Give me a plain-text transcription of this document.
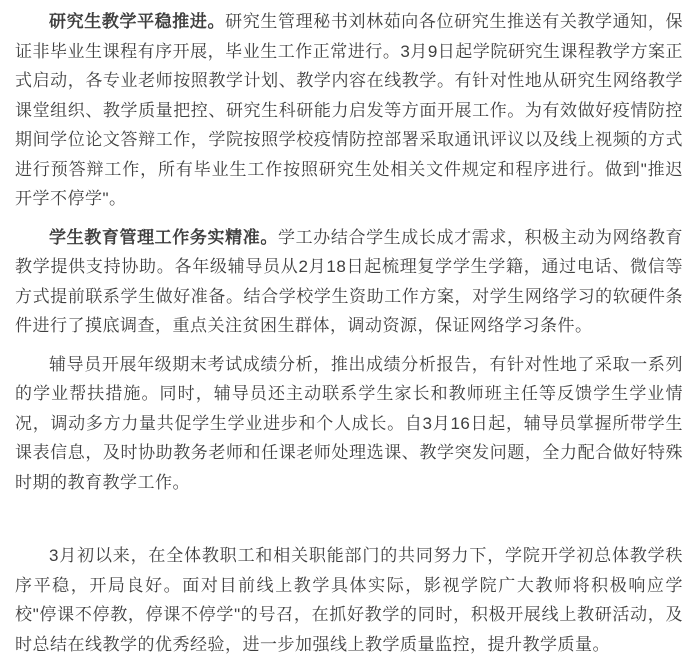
研究生教学平稳推进。研究生管理秘书刘林茹向各位研究生推送有关教学通知，保证非毕业生课程有序开展，毕业生工作正常进行。3月9日起学院研究生课程教学方案正式启动，各专业老师按照教学计划、教学内容在线教学。有针对性地从研究生网络教学课堂组织、教学质量把控、研究生科研能力启发等方面开展工作。为有效做好疫情防控期间学位论文答辩工作，学院按照学校疫情防控部署采取通讯评议以及线上视频的方式进行预答辩工作，所有毕业生工作按照研究生处相关文件规定和程序进行。做到"推迟开学不停学"。

学生教育管理工作务实精准。学工办结合学生成长成才需求，积极主动为网络教育教学提供支持协助。各年级辅导员从2月18日起梳理复学学生学籍，通过电话、微信等方式提前联系学生做好准备。结合学校学生资助工作方案，对学生网络学习的软硬件条件进行了摸底调查，重点关注贫困生群体，调动资源，保证网络学习条件。

辅导员开展年级期末考试成绩分析，推出成绩分析报告，有针对性地了采取一系列的学业帮扶措施。同时，辅导员还主动联系学生家长和教师班主任等反馈学生学业情况，调动多方力量共促学生学业进步和个人成长。自3月16日起，辅导员掌握所带学生课表信息，及时协助教务老师和任课老师处理选课、教学突发问题，全力配合做好特殊时期的教育教学工作。

3月初以来，在全体教职工和相关职能部门的共同努力下，学院开学初总体教学秩序平稳，开局良好。面对目前线上教学具体实际，影视学院广大教师将积极响应学校"停课不停教，停课不停学"的号召，在抓好教学的同时，积极开展线上教研活动，及时总结在线教学的优秀经验，进一步加强线上教学质量监控，提升教学质量。
